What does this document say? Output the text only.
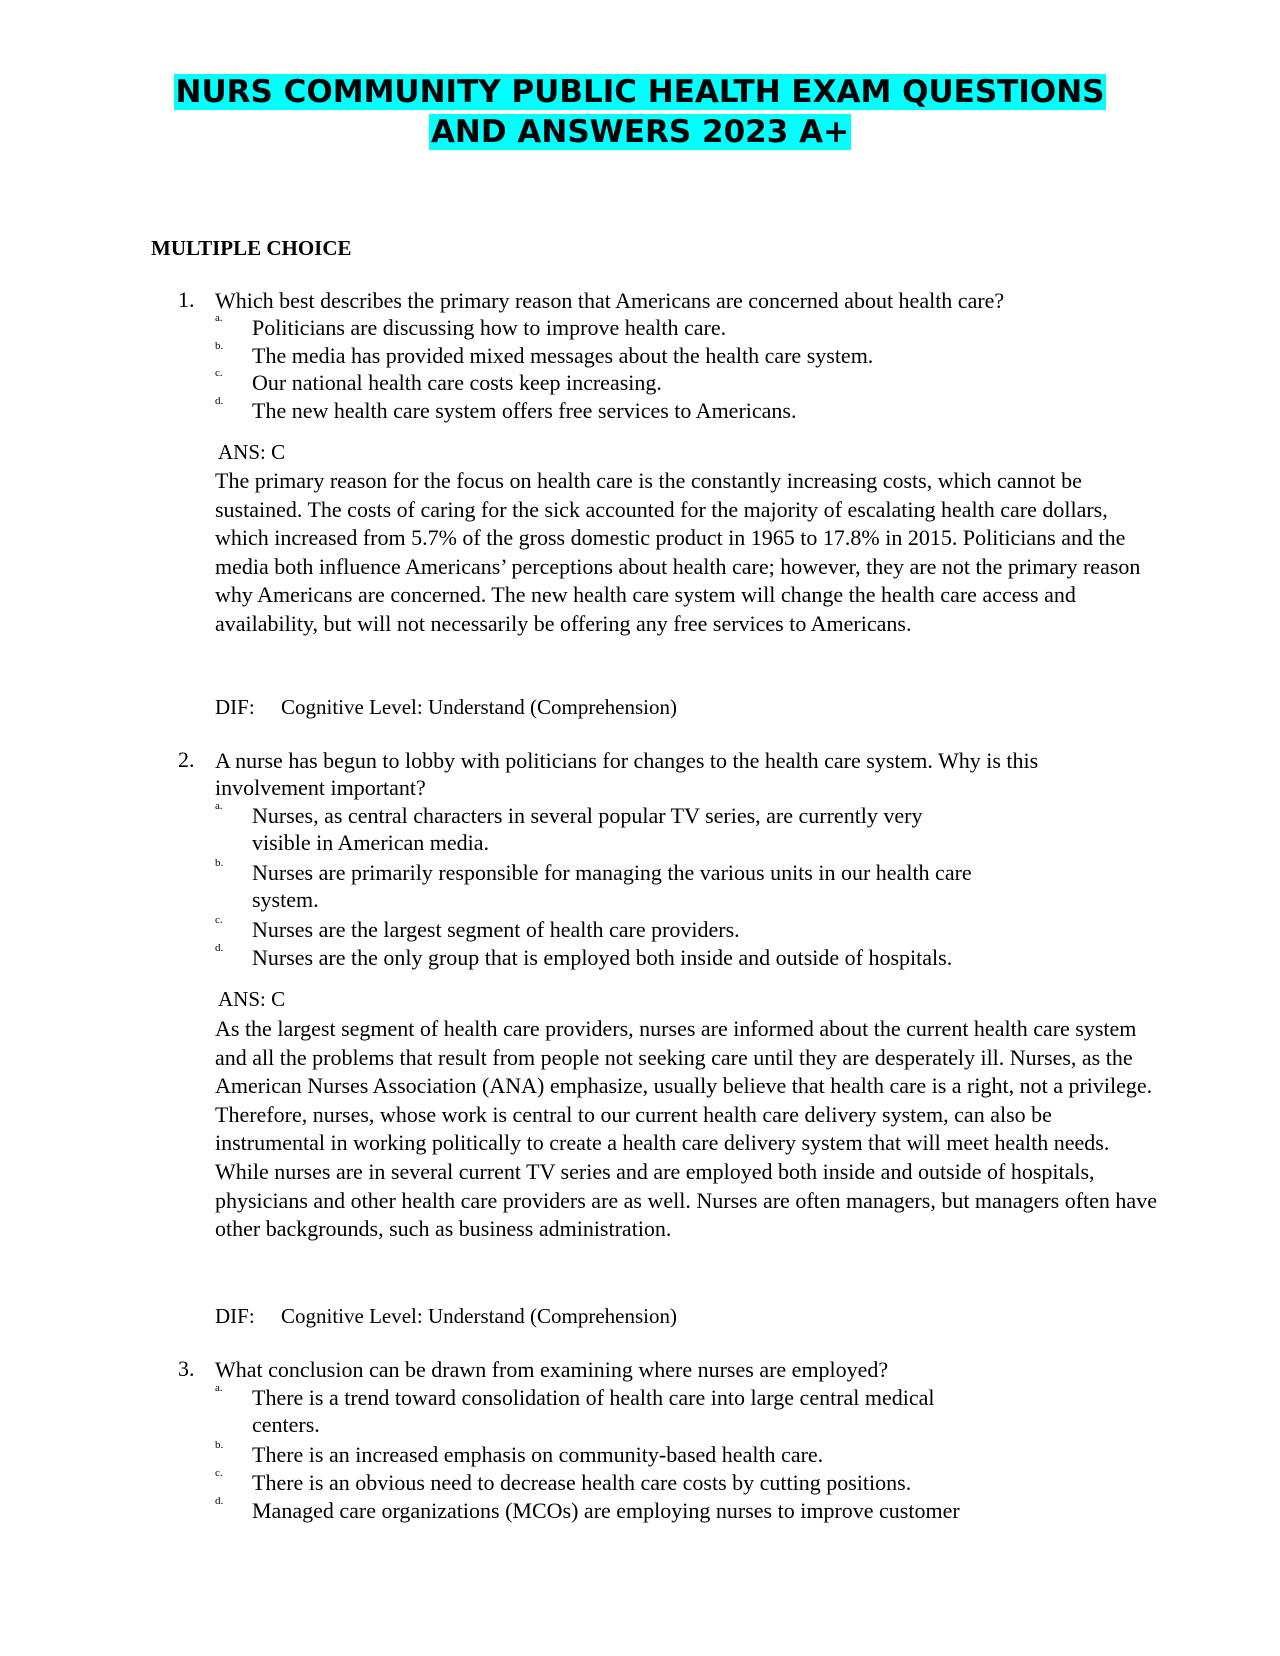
NURS COMMUNITY PUBLIC HEALTH EXAM QUESTIONS
AND ANSWERS 2023 A+
MULTIPLE CHOICE
1. Which best describes the primary reason that Americans are concerned about health care?
a. Politicians are discussing how to improve health care.
b. The media has provided mixed messages about the health care system.
c. Our national health care costs keep increasing.
d. The new health care system offers free services to Americans.
ANS: C
The primary reason for the focus on health care is the constantly increasing costs, which cannot be sustained. The costs of caring for the sick accounted for the majority of escalating health care dollars, which increased from 5.7% of the gross domestic product in 1965 to 17.8% in 2015. Politicians and the media both influence Americans’ perceptions about health care; however, they are not the primary reason why Americans are concerned. The new health care system will change the health care access and availability, but will not necessarily be offering any free services to Americans.
DIF: Cognitive Level: Understand (Comprehension)
2. A nurse has begun to lobby with politicians for changes to the health care system. Why is this involvement important?
a. Nurses, as central characters in several popular TV series, are currently very visible in American media.
b. Nurses are primarily responsible for managing the various units in our health care system.
c. Nurses are the largest segment of health care providers.
d. Nurses are the only group that is employed both inside and outside of hospitals.
ANS: C
As the largest segment of health care providers, nurses are informed about the current health care system and all the problems that result from people not seeking care until they are desperately ill. Nurses, as the American Nurses Association (ANA) emphasize, usually believe that health care is a right, not a privilege. Therefore, nurses, whose work is central to our current health care delivery system, can also be instrumental in working politically to create a health care delivery system that will meet health needs. While nurses are in several current TV series and are employed both inside and outside of hospitals, physicians and other health care providers are as well. Nurses are often managers, but managers often have other backgrounds, such as business administration.
DIF: Cognitive Level: Understand (Comprehension)
3. What conclusion can be drawn from examining where nurses are employed?
a. There is a trend toward consolidation of health care into large central medical centers.
b. There is an increased emphasis on community-based health care.
c. There is an obvious need to decrease health care costs by cutting positions.
d. Managed care organizations (MCOs) are employing nurses to improve customer
